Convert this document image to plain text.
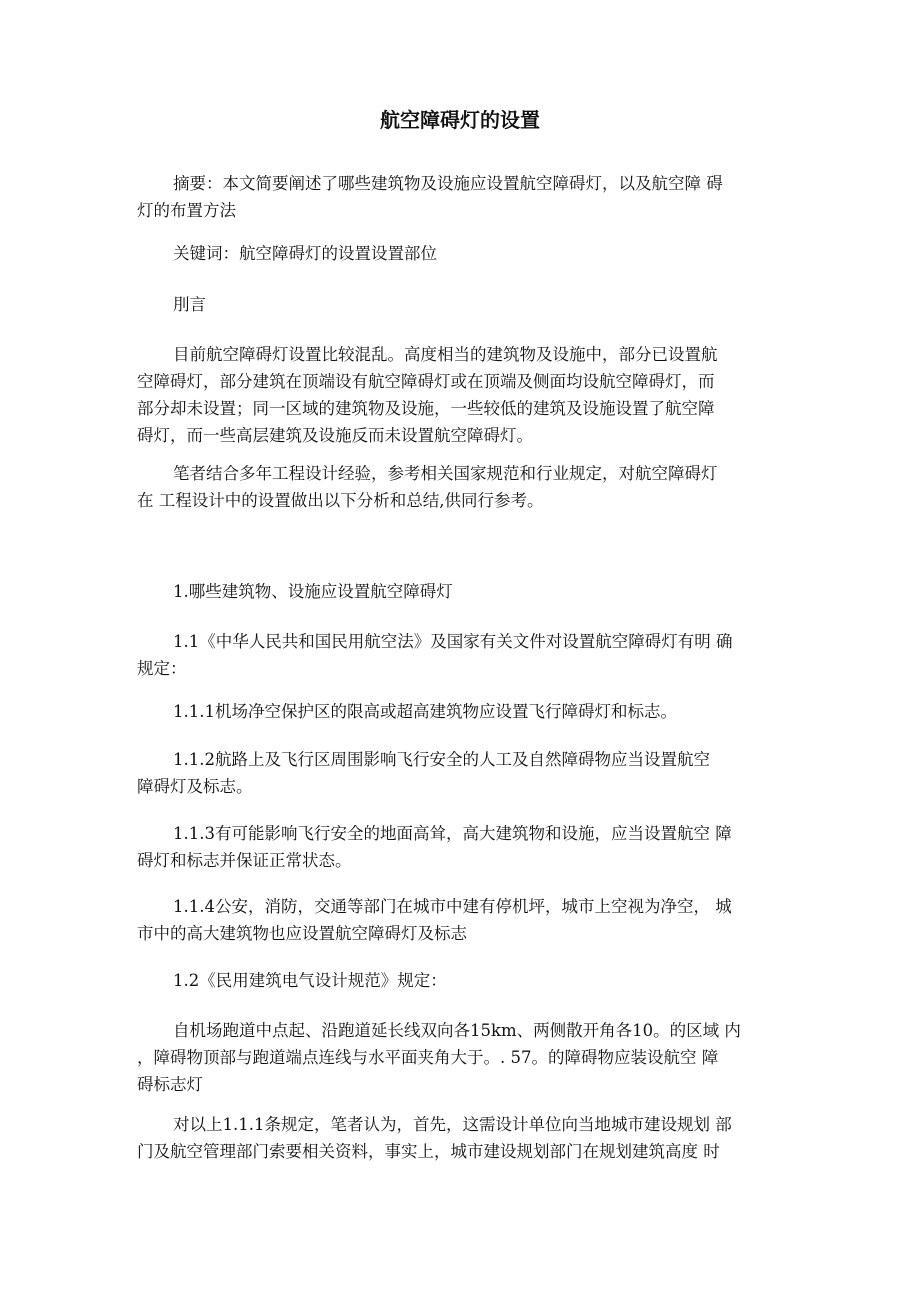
航空障碍灯的设置

摘要：本文简要阐述了哪些建筑物及设施应设置航空障碍灯，以及航空障 碍
灯的布置方法

关键词：航空障碍灯的设置设置部位

刖言

目前航空障碍灯设置比较混乱。高度相当的建筑物及设施中，部分已设置航
空障碍灯，部分建筑在顶端设有航空障碍灯或在顶端及侧面均设航空障碍灯，而
部分却未设置；同一区域的建筑物及设施，一些较低的建筑及设施设置了航空障
碍灯，而一些高层建筑及设施反而未设置航空障碍灯。

笔者结合多年工程设计经验，参考相关国家规范和行业规定，对航空障碍灯
在 工程设计中的设置做出以下分析和总结,供同行参考。

1.哪些建筑物、设施应设置航空障碍灯

1.1《中华人民共和国民用航空法》及国家有关文件对设置航空障碍灯有明 确
规定：

1.1.1机场净空保护区的限高或超高建筑物应设置飞行障碍灯和标志。

1.1.2航路上及飞行区周围影响飞行安全的人工及自然障碍物应当设置航空
障碍灯及标志。

1.1.3有可能影响飞行安全的地面高耸，高大建筑物和设施，应当设置航空 障
碍灯和标志并保证正常状态。

1.1.4公安，消防，交通等部门在城市中建有停机坪，城市上空视为净空， 城
市中的高大建筑物也应设置航空障碍灯及标志

1.2《民用建筑电气设计规范》规定：

自机场跑道中点起、沿跑道延长线双向各15km、两侧散开角各10。的区域 内
，障碍物顶部与跑道端点连线与水平面夹角大于。. 57。的障碍物应装设航空 障
碍标志灯

对以上1.1.1条规定，笔者认为，首先，这需设计单位向当地城市建设规划 部
门及航空管理部门索要相关资料，事实上，城市建设规划部门在规划建筑高度 时
